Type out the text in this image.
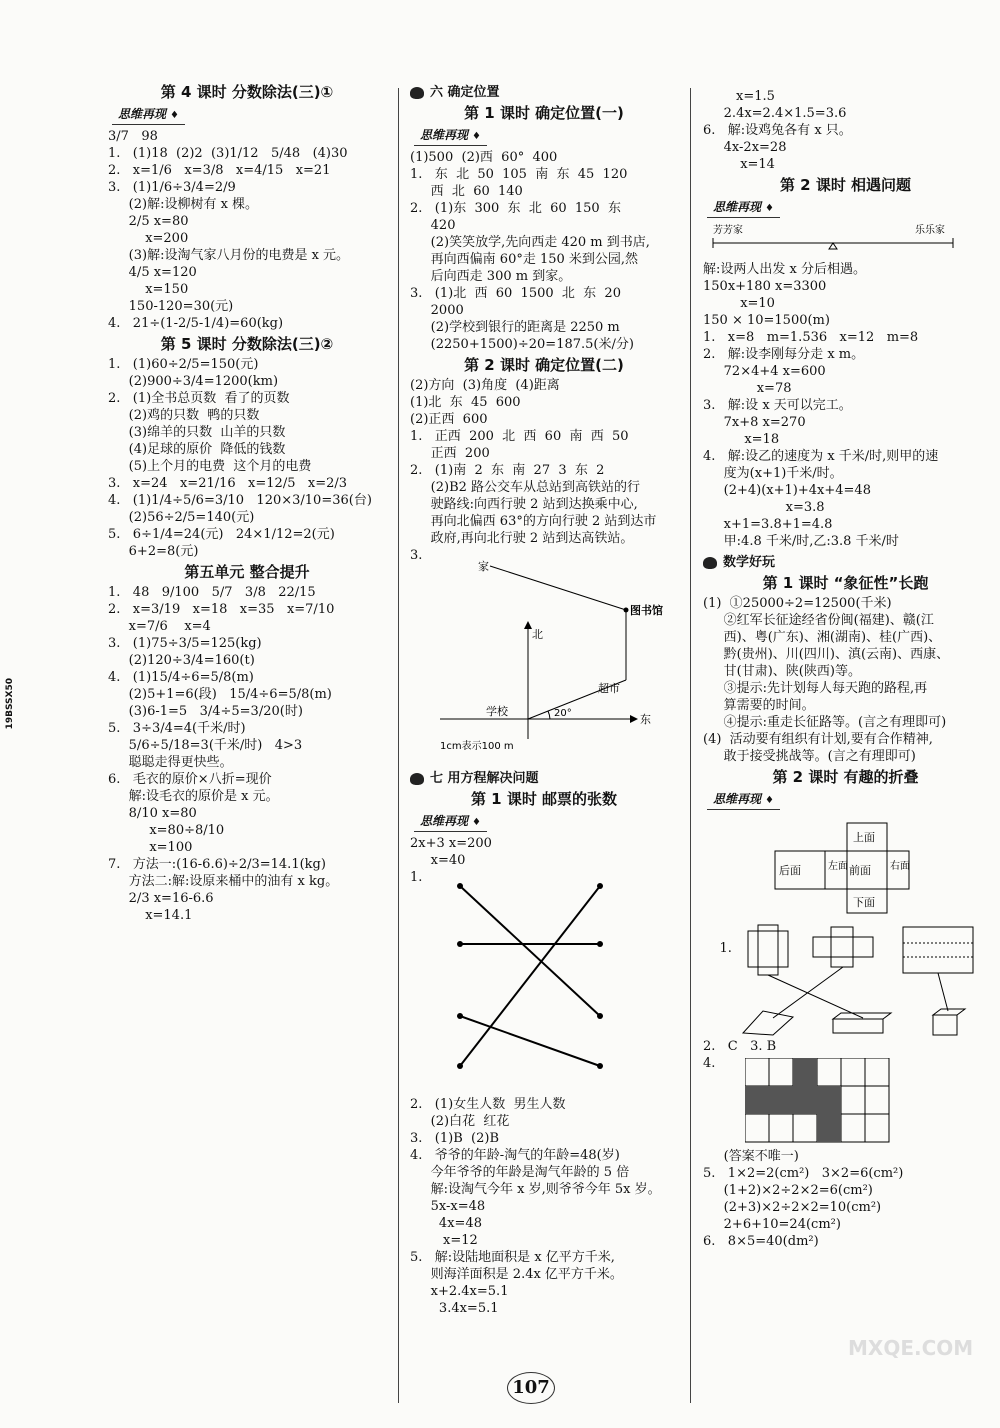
19BSSX50
第 4 课时 分数除法(三)①
思维再现 ♦
3/7   98
1.   (1)18  (2)2  (3)1/12   5/48   (4)30
2.   x=1/6   x=3/8   x=4/15   x=21
3.   (1)1/6÷3/4=2/9
(2)解:设柳树有 x 棵。
2/5 x=80
x=200
(3)解:设淘气家八月份的电费是 x 元。
4/5 x=120
x=150
150-120=30(元)
4.   21÷(1-2/5-1/4)=60(kg)
第 5 课时 分数除法(三)②
1.   (1)60÷2/5=150(元)
(2)900÷3/4=1200(km)
2.   (1)全书总页数  看了的页数
(2)鸡的只数  鸭的只数
(3)绵羊的只数  山羊的只数
(4)足球的原价  降低的钱数
(5)上个月的电费  这个月的电费
3.   x=24   x=21/16   x=12/5   x=2/3
4.   (1)1/4÷5/6=3/10   120×3/10=36(台)
(2)56÷2/5=140(元)
5.   6÷1/4=24(元)   24×1/12=2(元)
6+2=8(元)
第五单元 整合提升
1.   48   9/100   5/7   3/8   22/15
2.   x=3/19   x=18   x=35   x=7/10
x=7/6    x=4
3.   (1)75÷3/5=125(kg)
(2)120÷3/4=160(t)
4.   (1)15/4÷6=5/8(m)
(2)5+1=6(段)   15/4÷6=5/8(m)
(3)6-1=5   3/4÷5=3/20(时)
5.   3÷3/4=4(千米/时)
5/6÷5/18=3(千米/时)   4>3
聪聪走得更快些。
6.   毛衣的原价×八折=现价
解:设毛衣的原价是 x 元。
8/10 x=80
x=80÷8/10
x=100
7.   方法一:(16-6.6)÷2/3=14.1(kg)
方法二:解:设原来桶中的油有 x kg。
2/3 x=16-6.6
x=14.1
六 确定位置
第 1 课时 确定位置(一)
思维再现 ♦
(1)500  (2)西  60°  400
1.   东  北  50  105  南  东  45  120
西  北  60  140
2.   (1)东  300  东  北  60  150  东
420
(2)笑笑放学,先向西走 420 m 到书店,
再向西偏南 60°走 150 米到公园,然
后向西走 300 m 到家。
3.   (1)北  西  60  1500  北  东  20
2000
(2)学校到银行的距离是 2250 m
(2250+1500)÷20=187.5(米/分)
第 2 课时 确定位置(二)
(2)方向  (3)角度  (4)距离
(1)北  东  45  600
(2)正西  600
1.   正西  200  北  西  60  南  西  50
正西  200
2.   (1)南  2  东  南  27  3  东  2
(2)B2 路公交车从总站到高铁站的行
驶路线:向西行驶 2 站到达换乘中心,
再向北偏西 63°的方向行驶 2 站到达市
政府,再向北行驶 2 站到达高铁站。
3.
家
图书馆
北
超市
学校	20°	东
1cm表示100 m
七 用方程解决问题
第 1 课时 邮票的张数
思维再现 ♦
2x+3 x=200
x=40
1.
2.   (1)女生人数  男生人数
(2)白花  红花
3.   (1)B  (2)B
4.   爷爷的年龄-淘气的年龄=48(岁)
今年爷爷的年龄是淘气年龄的 5 倍
解:设淘气今年 x 岁,则爷爷今年 5x 岁。
5x-x=48
4x=48
x=12
5.   解:设陆地面积是 x 亿平方千米,
则海洋面积是 2.4x 亿平方千米。
x+2.4x=5.1
3.4x=5.1
x=1.5
2.4x=2.4×1.5=3.6
6.   解:设鸡兔各有 x 只。
4x-2x=28
x=14
第 2 课时 相遇问题
思维再现 ♦
芳芳家	乐乐家
解:设两人出发 x 分后相遇。
150x+180 x=3300
x=10
150 × 10=1500(m)
1.   x=8   m=1.536   x=12   m=8
2.   解:设李刚每分走 x m。
72×4+4 x=600
x=78
3.   解:设 x 天可以完工。
7x+8 x=270
x=18
4.   解:设乙的速度为 x 千米/时,则甲的速
度为(x+1)千米/时。
(2+4)(x+1)+4x+4=48
x=3.8
x+1=3.8+1=4.8
甲:4.8 千米/时,乙:3.8 千米/时
数学好玩
第 1 课时 “象征性”长跑
(1)  ①25000÷2=12500(千米)
②红军长征途经省份闽(福建)、赣(江
西)、粤(广东)、湘(湖南)、桂(广西)、
黔(贵州)、川(四川)、滇(云南)、西康、
甘(甘肃)、陕(陕西)等。
③提示:先计划每人每天跑的路程,再
算需要的时间。
④提示:重走长征路等。(言之有理即可)
(4)  活动要有组织有计划,要有合作精神,
敢于接受挑战等。(言之有理即可)
第 2 课时 有趣的折叠
思维再现 ♦
上面
左面 前面 右面
后面
下面

1.

2.   C   3. B
4.
(答案不唯一)
5.   1×2=2(cm²)   3×2=6(cm²)
(1+2)×2÷2×2=6(cm²)
(2+3)×2÷2×2=10(cm²)
2+6+10=24(cm²)
6.   8×5=40(dm²)
107
MXQE.COM
